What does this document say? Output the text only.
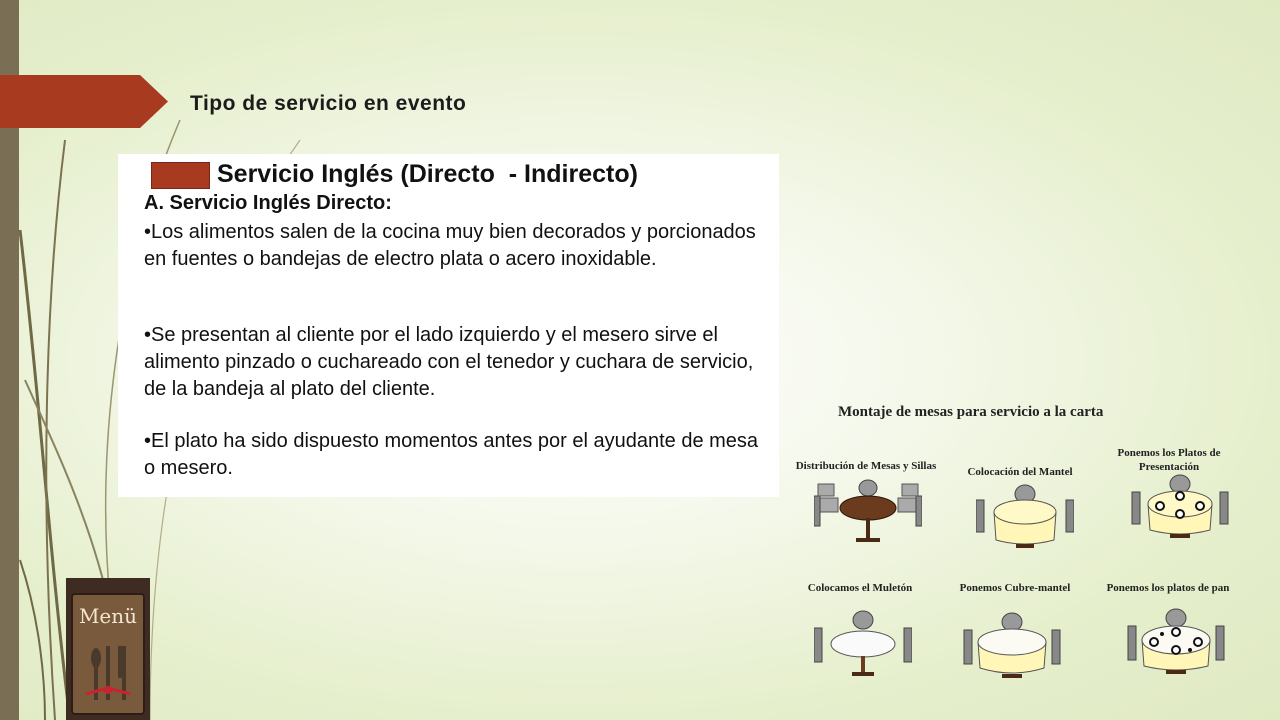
Tipo de servicio en evento
Servicio Inglés (Directo  - Indirecto)
A. Servicio Inglés Directo:
•Los alimentos salen de la cocina muy bien decorados y porcionados en fuentes o bandejas de electro plata o acero inoxidable.
•Se presentan al cliente por el lado izquierdo y el mesero sirve el alimento pinzado o cuchareado con el tenedor y cuchara de servicio, de la bandeja al plato del cliente.
•El plato ha sido dispuesto momentos antes por el ayudante de mesa o mesero.
Menü
Montaje de mesas para servicio a la carta
Distribución de Mesas y Sillas	Colocación del Mantel
Ponemos los Platos de Presentación
Colocamos el Muletón	Ponemos Cubre-mantel	Ponemos los platos de pan
